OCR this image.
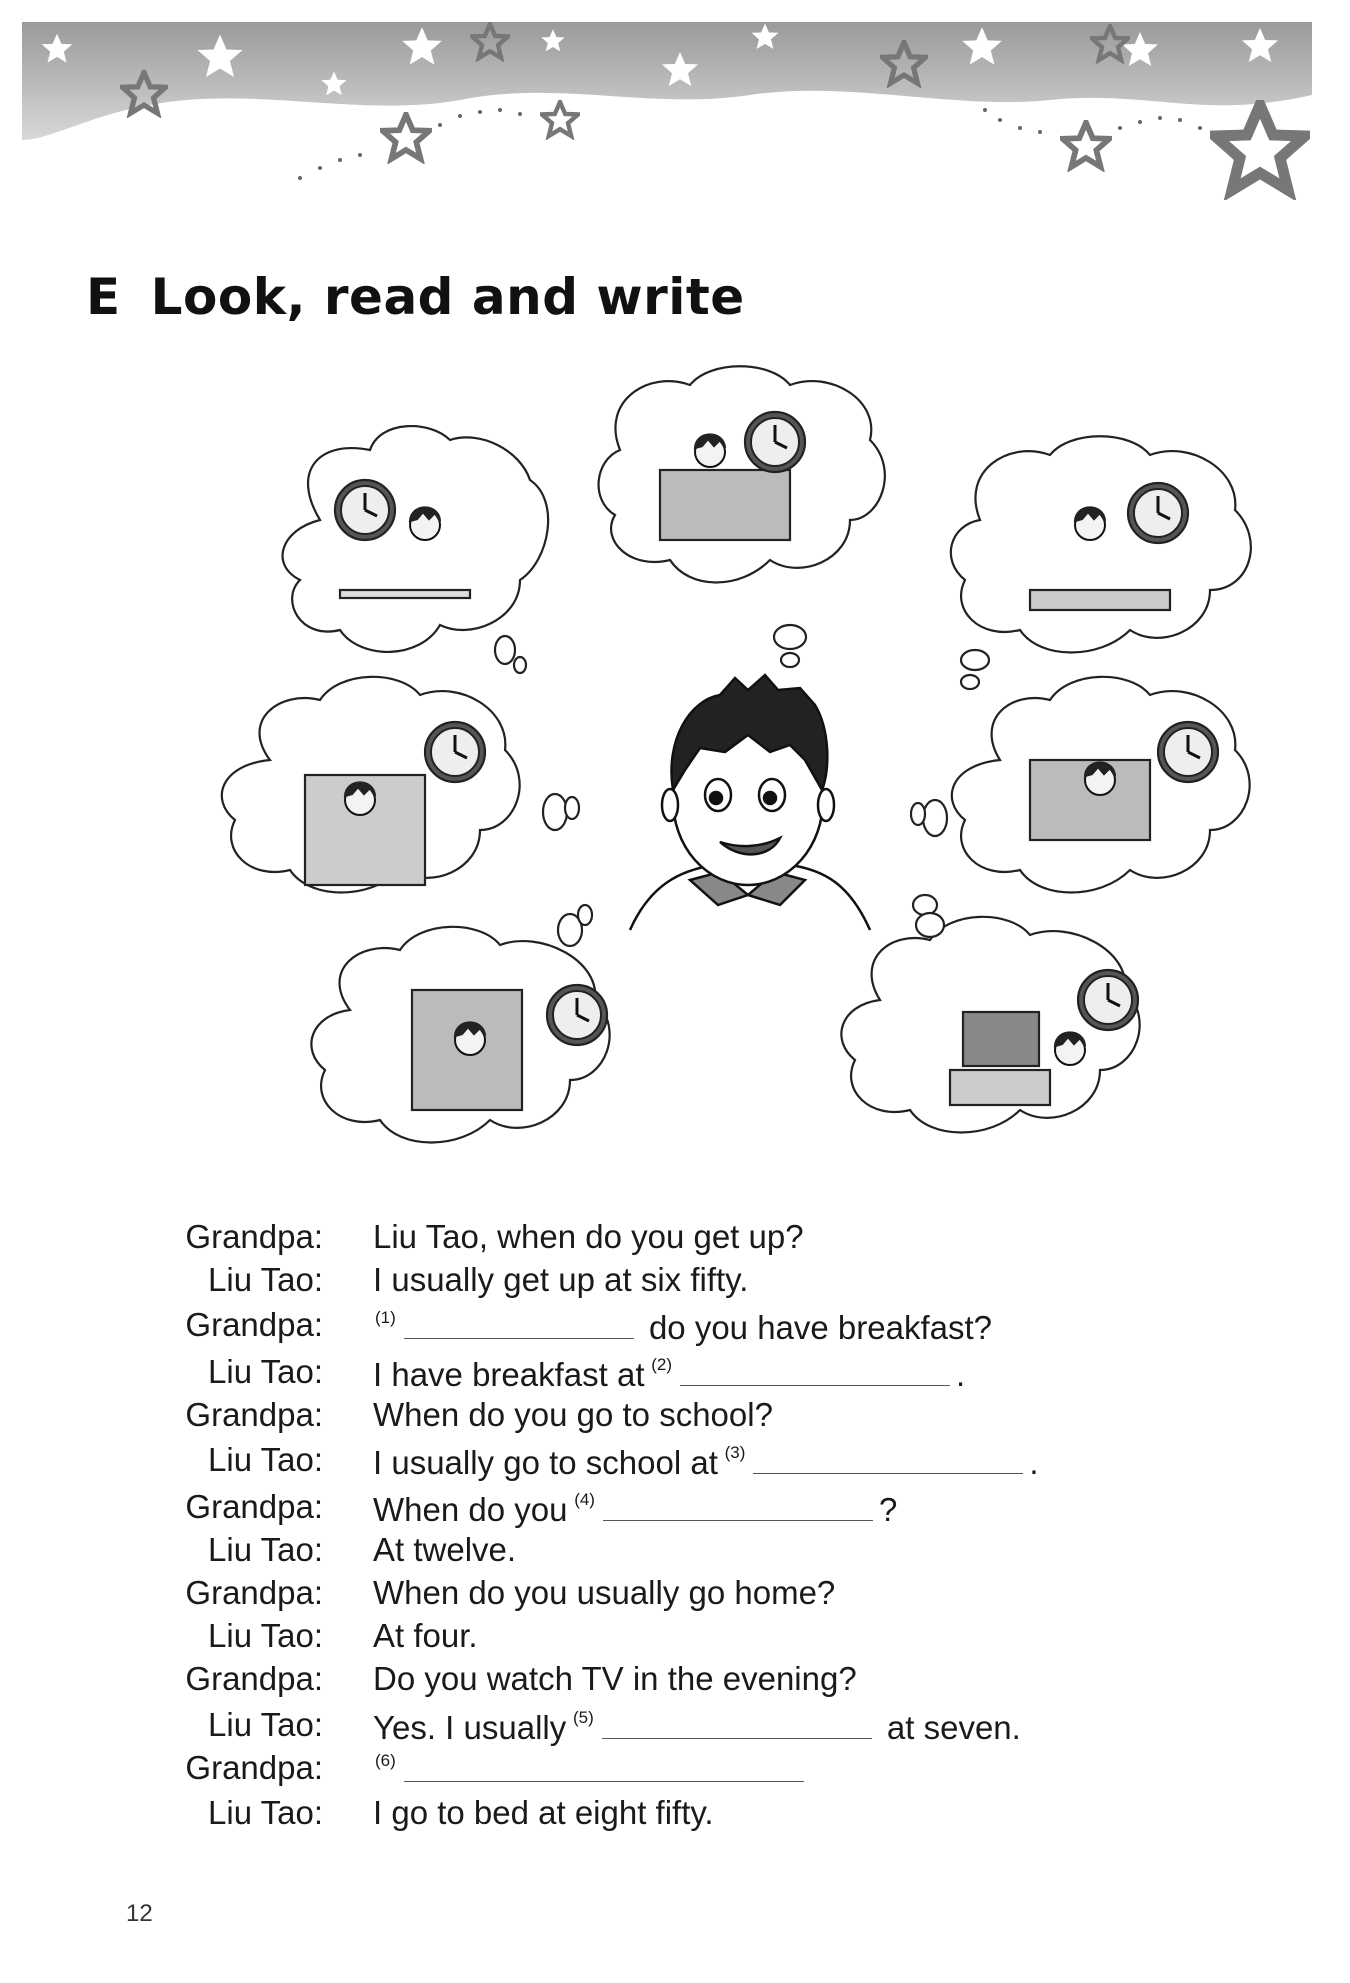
E Look, read and write
Grandpa: Liu Tao, when do you get up?
Liu Tao: I usually get up at six fifty.
Grandpa:	$^{(1)}$	do you have breakfast?
Liu Tao: I have breakfast at $^{(2)}$	.
Grandpa: When do you go to school?
Liu Tao: I usually go to school at $^{(3)}$	.
Grandpa: When do you $^{(4)}$	?
Liu Tao: At twelve.
Grandpa: When do you usually go home?
Liu Tao: At four.
Grandpa: Do you watch TV in the evening?
Liu Tao: Yes. I usually $^{(5)}$	at seven.
Grandpa:	$^{(6)}$
Liu Tao: I go to bed at eight fifty.
12
